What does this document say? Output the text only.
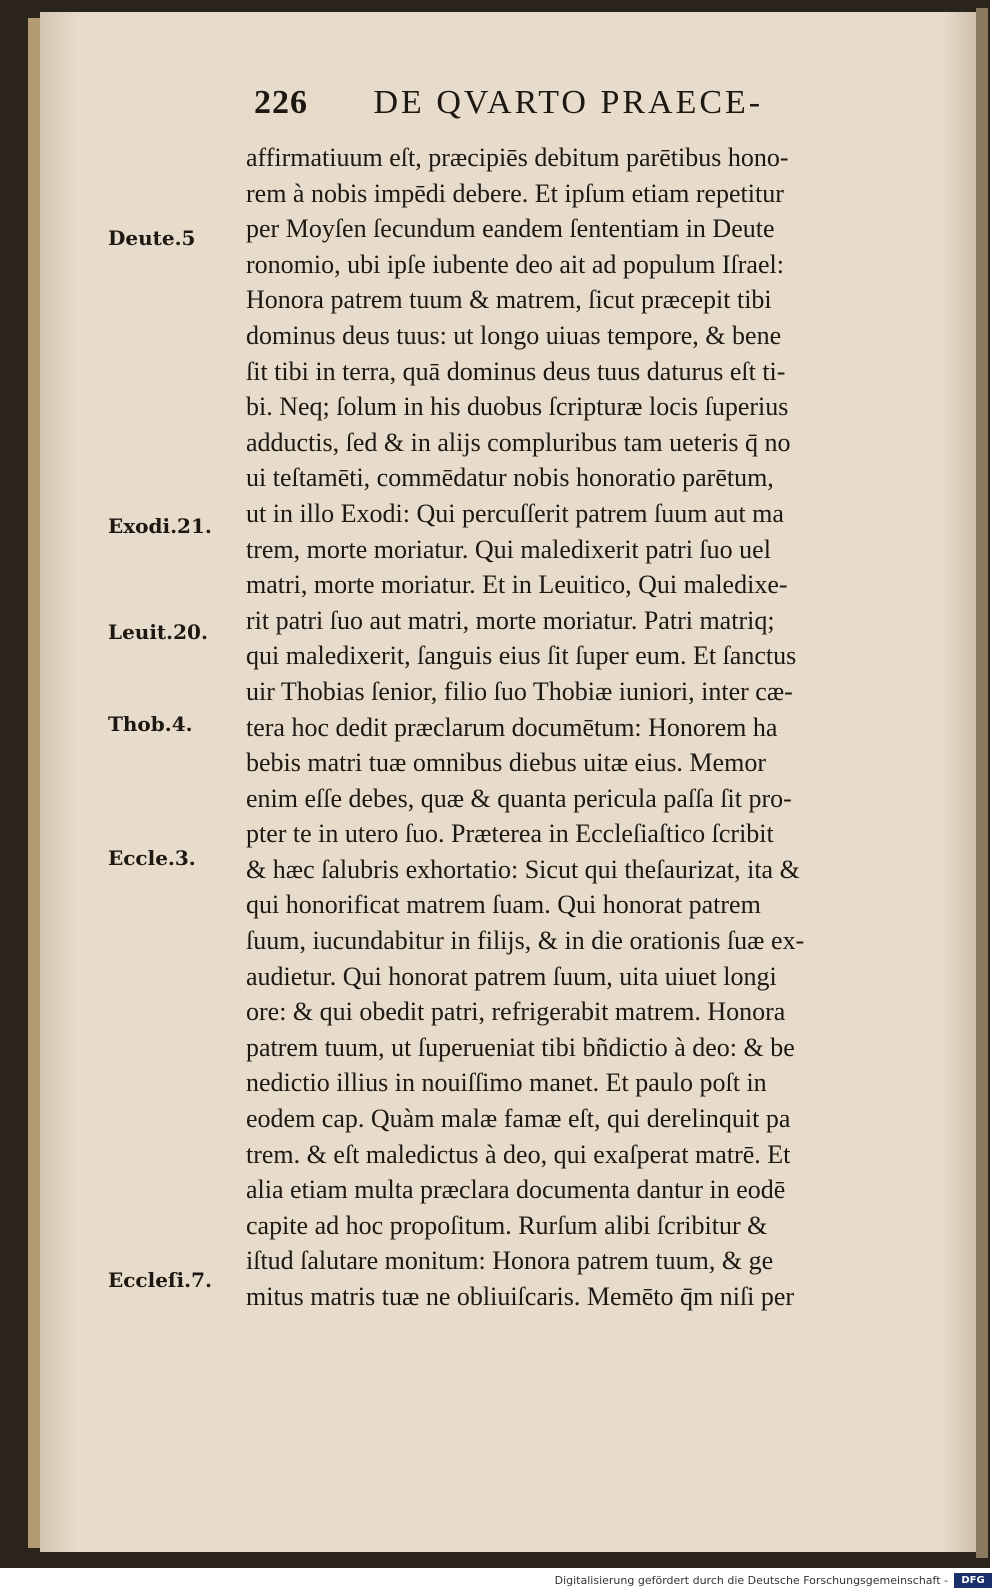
226 DE QVARTO PRAECE-
affirmatiuum eſt, præcipiēs debitum parētibus hono-
rem à nobis impēdi debere. Et ipſum etiam repetitur
per Moyſen ſecundum eandem ſententiam in Deute
ronomio, ubi ipſe iubente deo ait ad populum Iſrael:
Honora patrem tuum & matrem, ſicut præcepit tibi
dominus deus tuus: ut longo uiuas tempore, & bene
ſit tibi in terra, quā dominus deus tuus daturus eſt ti-
bi. Neq; ſolum in his duobus ſcripturæ locis ſuperius
adductis, ſed & in alijs compluribus tam ueteris q̄ no
ui teſtamēti, commēdatur nobis honoratio parētum,
ut in illo Exodi: Qui percuſſerit patrem ſuum aut ma
trem, morte moriatur. Qui maledixerit patri ſuo uel
matri, morte moriatur. Et in Leuitico, Qui maledixe-
rit patri ſuo aut matri, morte moriatur. Patri matriq;
qui maledixerit, ſanguis eius ſit ſuper eum. Et ſanctus
uir Thobias ſenior, filio ſuo Thobiæ iuniori, inter cæ-
tera hoc dedit præclarum documētum: Honorem ha
bebis matri tuæ omnibus diebus uitæ eius. Memor
enim eſſe debes, quæ & quanta pericula paſſa ſit pro-
pter te in utero ſuo. Præterea in Eccleſiaſtico ſcribit
& hæc ſalubris exhortatio: Sicut qui theſaurizat, ita &
qui honorificat matrem ſuam. Qui honorat patrem
ſuum, iucundabitur in filijs, & in die orationis ſuæ ex-
audietur. Qui honorat patrem ſuum, uita uiuet longi
ore: & qui obedit patri, refrigerabit matrem. Honora
patrem tuum, ut ſuperueniat tibi bñdictio à deo: & be
nedictio illius in nouiſſimo manet. Et paulo poſt in
eodem cap. Quàm malæ famæ eſt, qui derelinquit pa
trem. & eſt maledictus à deo, qui exaſperat matrē. Et
alia etiam multa præclara documenta dantur in eodē
capite ad hoc propoſitum. Rurſum alibi ſcribitur &
iſtud ſalutare monitum: Honora patrem tuum, & ge
mitus matris tuæ ne obliuiſcaris. Memēto q̄m niſi per
Deute.5
Exodi.21.
Leuit.20.
Thob.4.
Eccle.3.
Eccleſi.7.
Digitalisierung gefördert durch die Deutsche Forschungsgemeinschaft -	DFG
